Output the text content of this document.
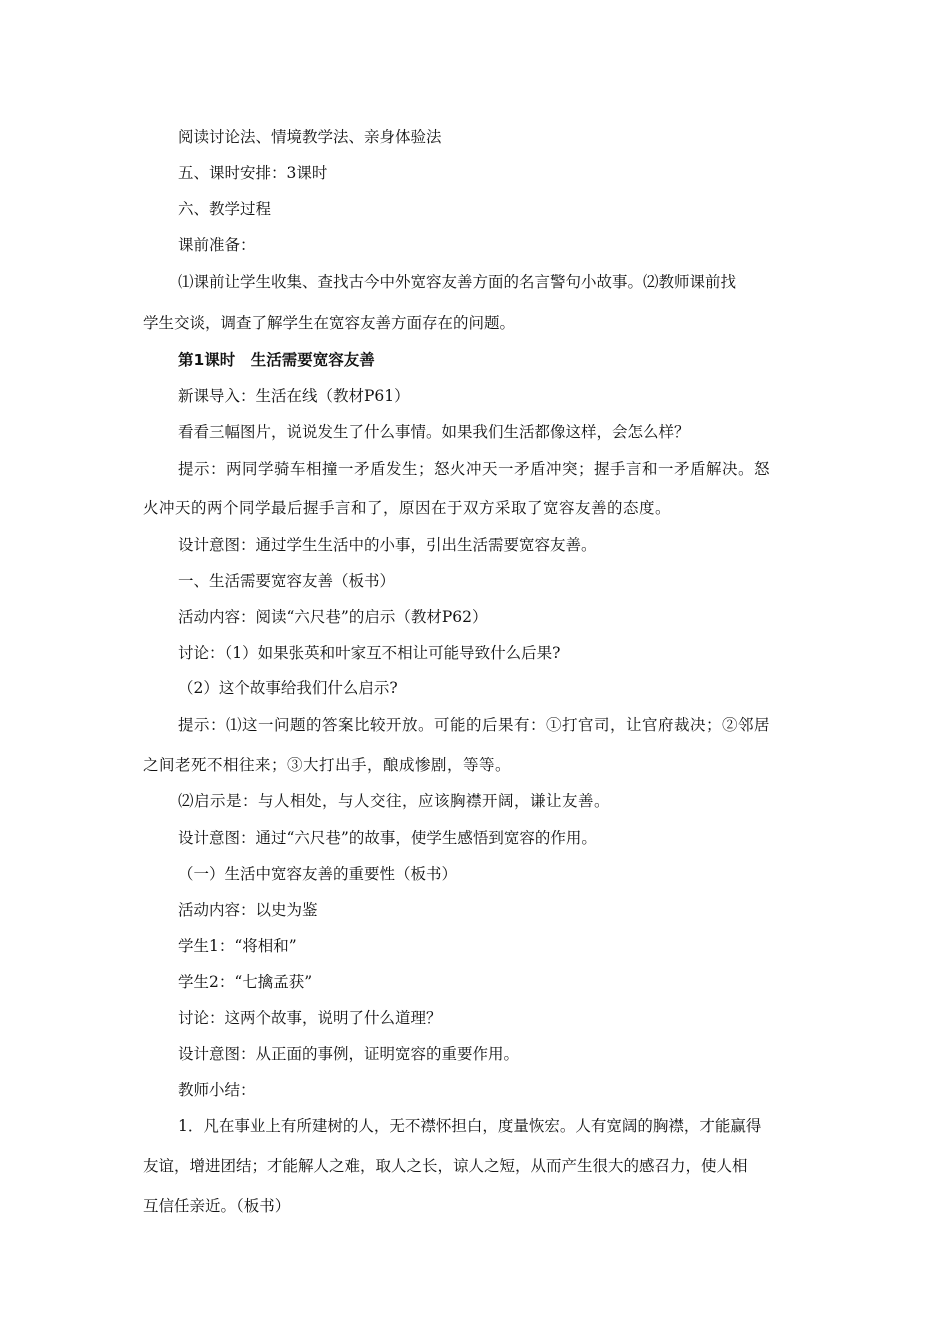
阅读讨论法、情境教学法、亲身体验法
五、课时安排：3课时
六、教学过程
课前准备：
⑴课前让学生收集、查找古今中外宽容友善方面的名言警句小故事。⑵教师课前找
学生交谈，调查了解学生在宽容友善方面存在的问题。
第1课时　生活需要宽容友善
新课导入：生活在线（教材P61）
看看三幅图片，说说发生了什么事情。如果我们生活都像这样，会怎么样？
提示：两同学骑车相撞一矛盾发生；怒火冲天一矛盾冲突；握手言和一矛盾解决。怒
火冲天的两个同学最后握手言和了，原因在于双方采取了宽容友善的态度。
设计意图：通过学生生活中的小事，引出生活需要宽容友善。
一、生活需要宽容友善（板书）
活动内容：阅读“六尺巷”的启示（教材P62）
讨论：（1）如果张英和叶家互不相让可能导致什么后果?
（2）这个故事给我们什么启示?
提示：⑴这一问题的答案比较开放。可能的后果有：①打官司，让官府裁决；②邻居
之间老死不相往来；③大打出手，酿成惨剧，等等。
⑵启示是：与人相处，与人交往，应该胸襟开阔，谦让友善。
设计意图：通过“六尺巷”的故事，使学生感悟到宽容的作用。
（一）生活中宽容友善的重要性（板书）
活动内容：以史为鉴
学生1：“将相和”
学生2：“七擒孟获”
讨论：这两个故事，说明了什么道理？
设计意图：从正面的事例，证明宽容的重要作用。
教师小结：
1．凡在事业上有所建树的人，无不襟怀担白，度量恢宏。人有宽阔的胸襟，才能赢得
友谊，增进团结；才能解人之难，取人之长，谅人之短，从而产生很大的感召力，使人相
互信任亲近。（板书）
